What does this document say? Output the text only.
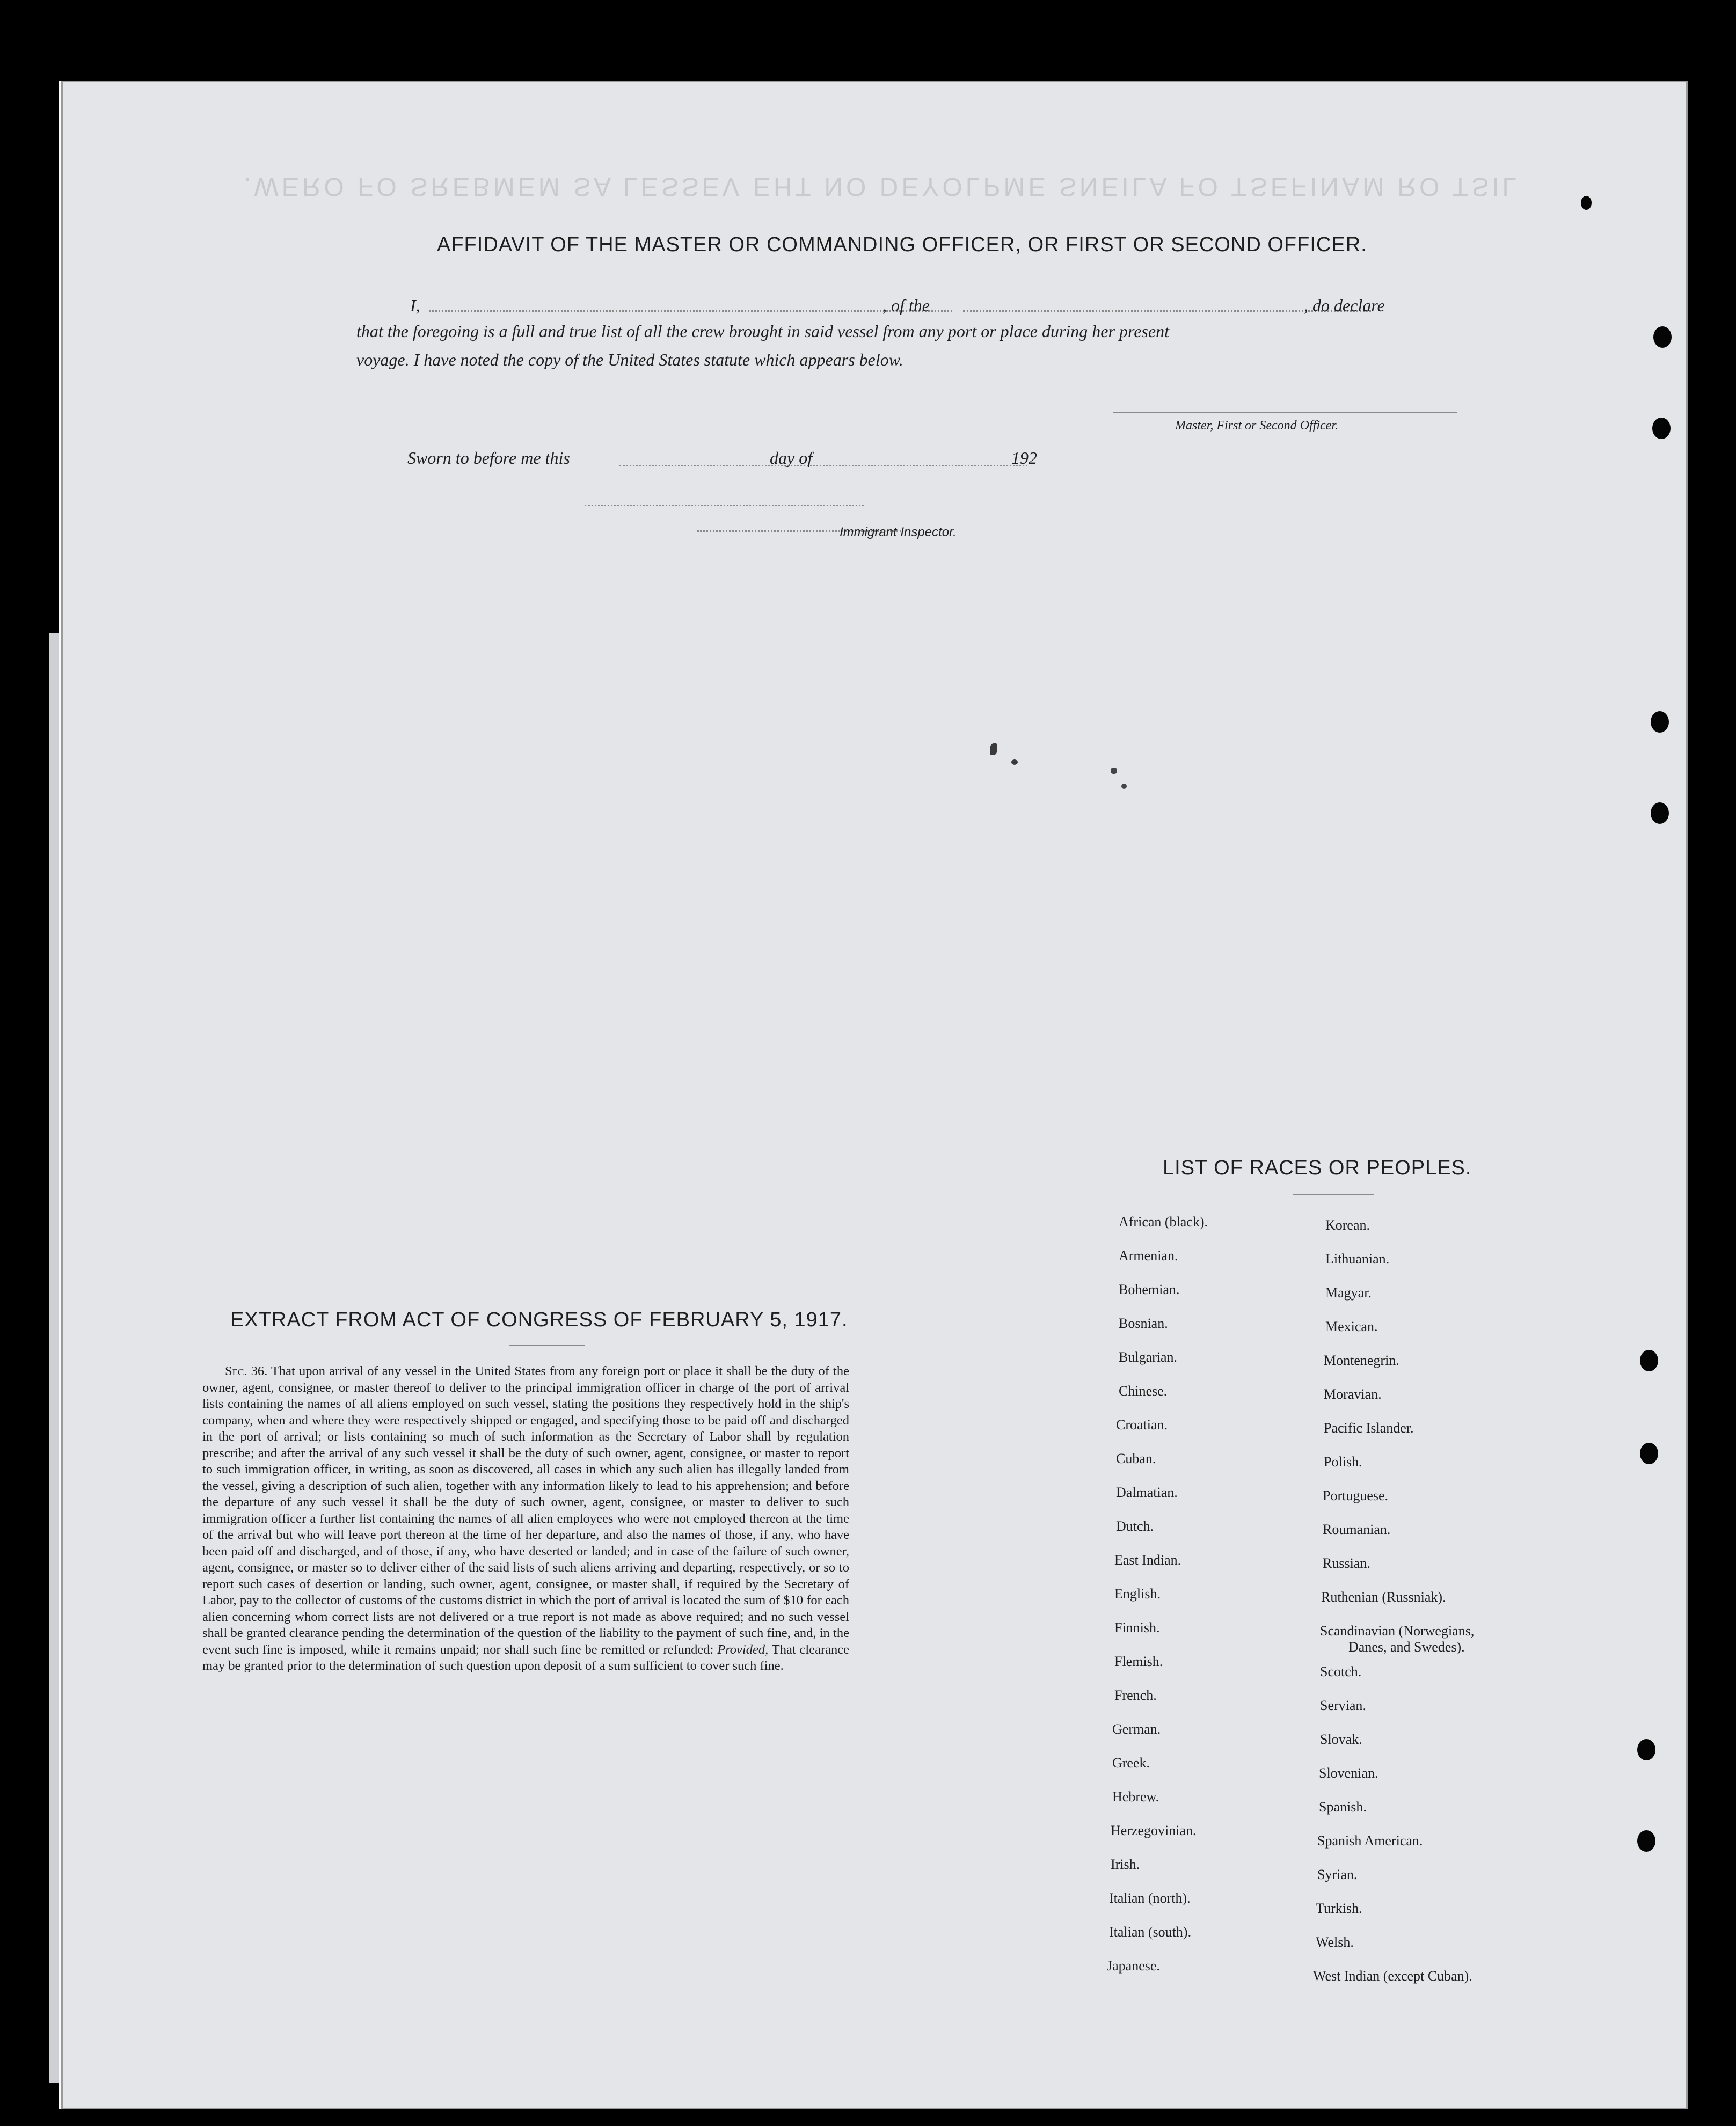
.WERO FO SREBMEM SA LESSEV EHT NO DEYOLPME SNEILA FO TSEFINAM RO TSIL
AFFIDAVIT OF THE MASTER OR COMMANDING OFFICER, OR FIRST OR SECOND OFFICER.
I,	, of the	, do declare
that the foregoing is a full and true list of all the crew brought in said vessel from any port or place during her present
voyage. I have noted the copy of the United States statute which appears below.
Master, First or Second Officer.
Sworn to before me this	day of	192
Immigrant Inspector.
EXTRACT FROM ACT OF CONGRESS OF FEBRUARY 5, 1917.
Sec. 36. That upon arrival of any vessel in the United States from any foreign port or place it shall be the duty of the owner, agent, consignee, or master thereof to deliver to the principal immigration officer in charge of the port of arrival lists containing the names of all aliens employed on such vessel, stating the positions they respectively hold in the ship's company, when and where they were respectively shipped or engaged, and specifying those to be paid off and discharged in the port of arrival; or lists containing so much of such information as the Secretary of Labor shall by regulation prescribe; and after the arrival of any such vessel it shall be the duty of such owner, agent, consignee, or master to report to such immigration officer, in writing, as soon as discovered, all cases in which any such alien has illegally landed from the vessel, giving a description of such alien, together with any information likely to lead to his apprehension; and before the departure of any such vessel it shall be the duty of such owner, agent, consignee, or master to deliver to such immigration officer a further list containing the names of all alien employees who were not employed thereon at the time of the arrival but who will leave port thereon at the time of her departure, and also the names of those, if any, who have been paid off and discharged, and of those, if any, who have deserted or landed; and in case of the failure of such owner, agent, consignee, or master so to deliver either of the said lists of such aliens arriving and departing, respectively, or so to report such cases of desertion or landing, such owner, agent, consignee, or master shall, if required by the Secretary of Labor, pay to the collector of customs of the customs district in which the port of arrival is located the sum of $10 for each alien concerning whom correct lists are not delivered or a true report is not made as above required; and no such vessel shall be granted clearance pending the determination of the question of the liability to the payment of such fine, and, in the event such fine is imposed, while it remains unpaid; nor shall such fine be remitted or refunded: Provided, That clearance may be granted prior to the determination of such question upon deposit of a sum sufficient to cover such fine.
LIST OF RACES OR PEOPLES.
African (black).
Armenian.
Bohemian.
Bosnian.
Bulgarian.
Chinese.
Croatian.
Cuban.
Dalmatian.
Dutch.
East Indian.
English.
Finnish.
Flemish.
French.
German.
Greek.
Hebrew.
Herzegovinian.
Irish.
Italian (north).
Italian (south).
Japanese.
Korean.
Lithuanian.
Magyar.
Mexican.
Montenegrin.
Moravian.
Pacific Islander.
Polish.
Portuguese.
Roumanian.
Russian.
Ruthenian (Russniak).
Scandinavian (Norwegians,
Danes, and Swedes).
Scotch.
Servian.
Slovak.
Slovenian.
Spanish.
Spanish American.
Syrian.
Turkish.
Welsh.
West Indian (except Cuban).
